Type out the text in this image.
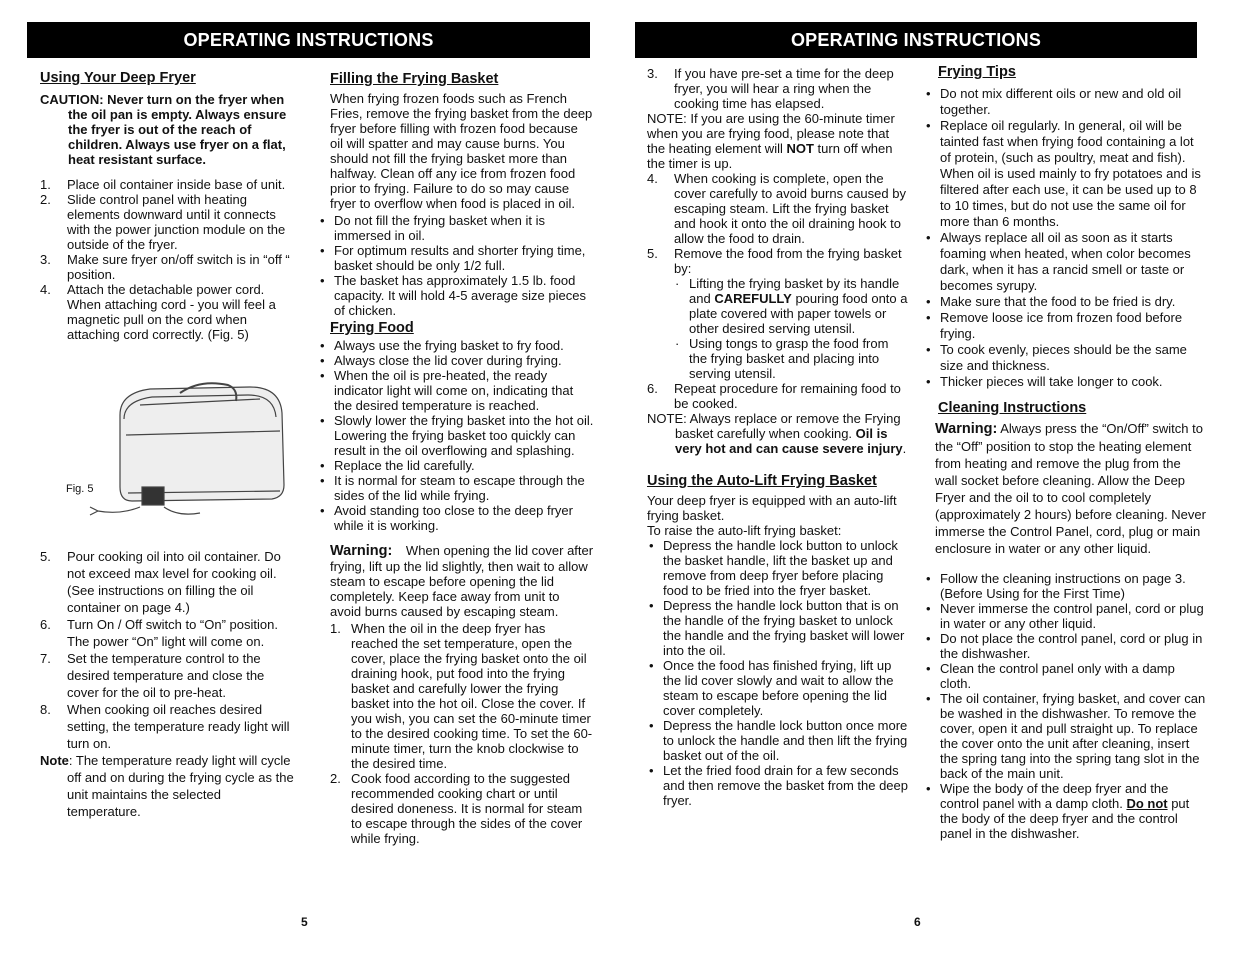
OPERATING INSTRUCTIONS
Using Your Deep Fryer
CAUTION: Never turn on the fryer when the oil pan is empty. Always ensure the fryer is out of the reach of children. Always use fryer on a flat, heat resistant surface.
1.	Place oil container inside base of unit.
2.	Slide control panel with heating elements downward until it connects with the power junction module on the outside of the fryer.
3.	Make sure fryer on/off switch is in “off “ position.
4.	Attach the detachable power cord. When attaching cord - you will feel a magnetic pull on the cord when attaching cord correctly. (Fig. 5)
Fig. 5
5.	Pour cooking oil into oil container. Do not exceed max level for cooking oil. (See instructions on filling the oil container on page 4.)
6.	Turn On / Off switch to “On” position. The power “On” light will come on.
7.	Set the temperature control to the desired temperature and close the cover for the oil to pre-heat.
8.	When cooking oil reaches desired setting, the temperature ready light will turn on.
Note: The temperature ready light will cycle off and on during the frying cycle as the unit maintains the selected temperature.
Filling the Frying Basket

When frying frozen foods such as French Fries, remove the frying basket from the deep fryer before filling with frozen food because oil will spatter and may cause burns. You should not fill the frying basket more than halfway. Clean off any ice from frozen food prior to frying. Failure to do so may cause fryer to overflow when food is placed in oil.

• Do not fill the frying basket when it is immersed in oil.
• For optimum results and shorter frying time, basket should be only 1/2 full.
• The basket has approximately 1.5 lb. food capacity. It will hold 4-5 average size pieces of chicken.
Frying Food
• Always use the frying basket to fry food.
• Always close the lid cover during frying.
• When the oil is pre-heated, the ready indicator light will come on, indicating that the desired temperature is reached.
• Slowly lower the frying basket into the hot oil. Lowering the frying basket too quickly can result in the oil overflowing and splashing.
• Replace the lid carefully.
• It is normal for steam to escape through the sides of the lid while frying.
• Avoid standing too close to the deep fryer while it is working.
Warning: When opening the lid cover after frying, lift up the lid slightly, then wait to allow steam to escape before opening the lid completely. Keep face away from unit to avoid burns caused by escaping steam.
1. When the oil in the deep fryer has reached the set temperature, open the cover, place the frying basket onto the oil draining hook, put food into the frying basket and carefully lower the frying basket into the hot oil. Close the cover. If you wish, you can set the 60-minute timer to the desired cooking time. To set the 60-minute timer, turn the knob clockwise to the desired time.
2. Cook food according to the suggested recommended cooking chart or until desired doneness. It is normal for steam to escape through the sides of the cover while frying.
5
OPERATING INSTRUCTIONS
3.	If you have pre-set a time for the deep fryer, you will hear a ring when the cooking time has elapsed.
NOTE: If you are using the 60-minute timer when you are frying food, please note that the heating element will NOT turn off when the timer is up.
4.	When cooking is complete, open the cover carefully to avoid burns caused by escaping steam. Lift the frying basket and hook it onto the oil draining hook to allow the food to drain.
5.	Remove the food from the frying basket by:
· Lifting the frying basket by its handle and CAREFULLY pouring food onto a plate covered with paper towels or other desired serving utensil.
· Using tongs to grasp the food from the frying basket and placing into serving utensil.
6.	Repeat procedure for remaining food to be cooked.
NOTE: Always replace or remove the Frying basket carefully when cooking. Oil is very hot and can cause severe injury.
Using the Auto-Lift Frying Basket

Your deep fryer is equipped with an auto-lift frying basket.

To raise the auto-lift frying basket:

• Depress the handle lock button to unlock the basket handle, lift the basket up and remove from deep fryer before placing food to be fried into the fryer basket.
• Depress the handle lock button that is on the handle of the frying basket to unlock the handle and the frying basket will lower into the oil.
• Once the food has finished frying, lift up the lid cover slowly and wait to allow the steam to escape before opening the lid cover completely.
• Depress the handle lock button once more to unlock the handle and then lift the frying basket out of the oil.
• Let the fried food drain for a few seconds and then remove the basket from the deep fryer.
Frying Tips
• Do not mix different oils or new and old oil together.
• Replace oil regularly. In general, oil will be tainted fast when frying food containing a lot of protein, (such as poultry, meat and fish). When oil is used mainly to fry potatoes and is filtered after each use, it can be used up to 8 to 10 times, but do not use the same oil for more than 6 months.
• Always replace all oil as soon as it starts foaming when heated, when color becomes dark, when it has a rancid smell or taste or becomes syrupy.
• Make sure that the food to be fried is dry.
• Remove loose ice from frozen food before frying.
• To cook evenly, pieces should be the same size and thickness.
• Thicker pieces will take longer to cook.
Cleaning Instructions
Warning: Always press the “On/Off” switch to the “Off” position to stop the heating element from heating and remove the plug from the wall socket before cleaning. Allow the Deep Fryer and the oil to to cool completely (approximately 2 hours) before cleaning. Never immerse the Control Panel, cord, plug or main enclosure in water or any other liquid.
• Follow the cleaning instructions on page 3. (Before Using for the First Time)
• Never immerse the control panel, cord or plug in water or any other liquid.
• Do not place the control panel, cord or plug in the dishwasher.
• Clean the control panel only with a damp cloth.
• The oil container, frying basket, and cover can be washed in the dishwasher. To remove the cover, open it and pull straight up. To replace the cover onto the unit after cleaning, insert the spring tang into the spring tang slot in the back of the main unit.
• Wipe the body of the deep fryer and the control panel with a damp cloth. Do not put the body of the deep fryer and the control panel in the dishwasher.
6
